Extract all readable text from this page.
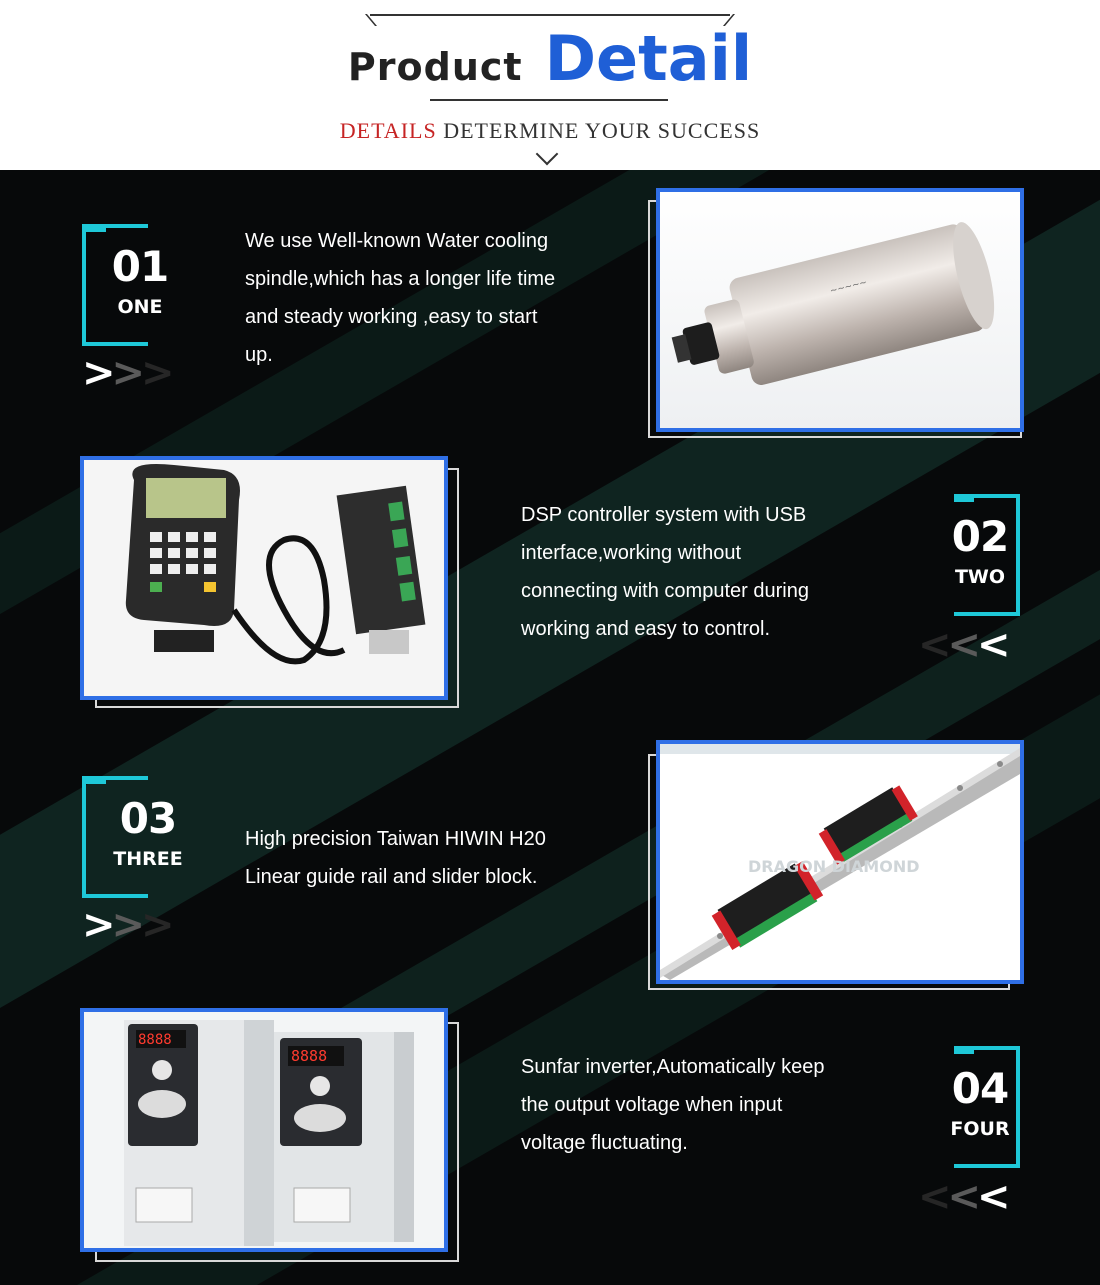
Product Detail
DETAILS DETERMINE YOUR SUCCESS
01
ONE
>>>
We use Well-known Water cooling
spindle,which has a longer life time
and steady working ,easy to start
up.
~~~~~
DSP controller system with USB
interface,working without
connecting with computer during
working and easy to control.
02
TWO
<<<
03
THREE
>>>
High precision Taiwan HIWIN H20
Linear guide rail and slider block.	DRAGON DIAMOND
8888
8888	Sunfar inverter,Automatically keep
the output voltage when input
voltage fluctuating.
04
FOUR
<<<
